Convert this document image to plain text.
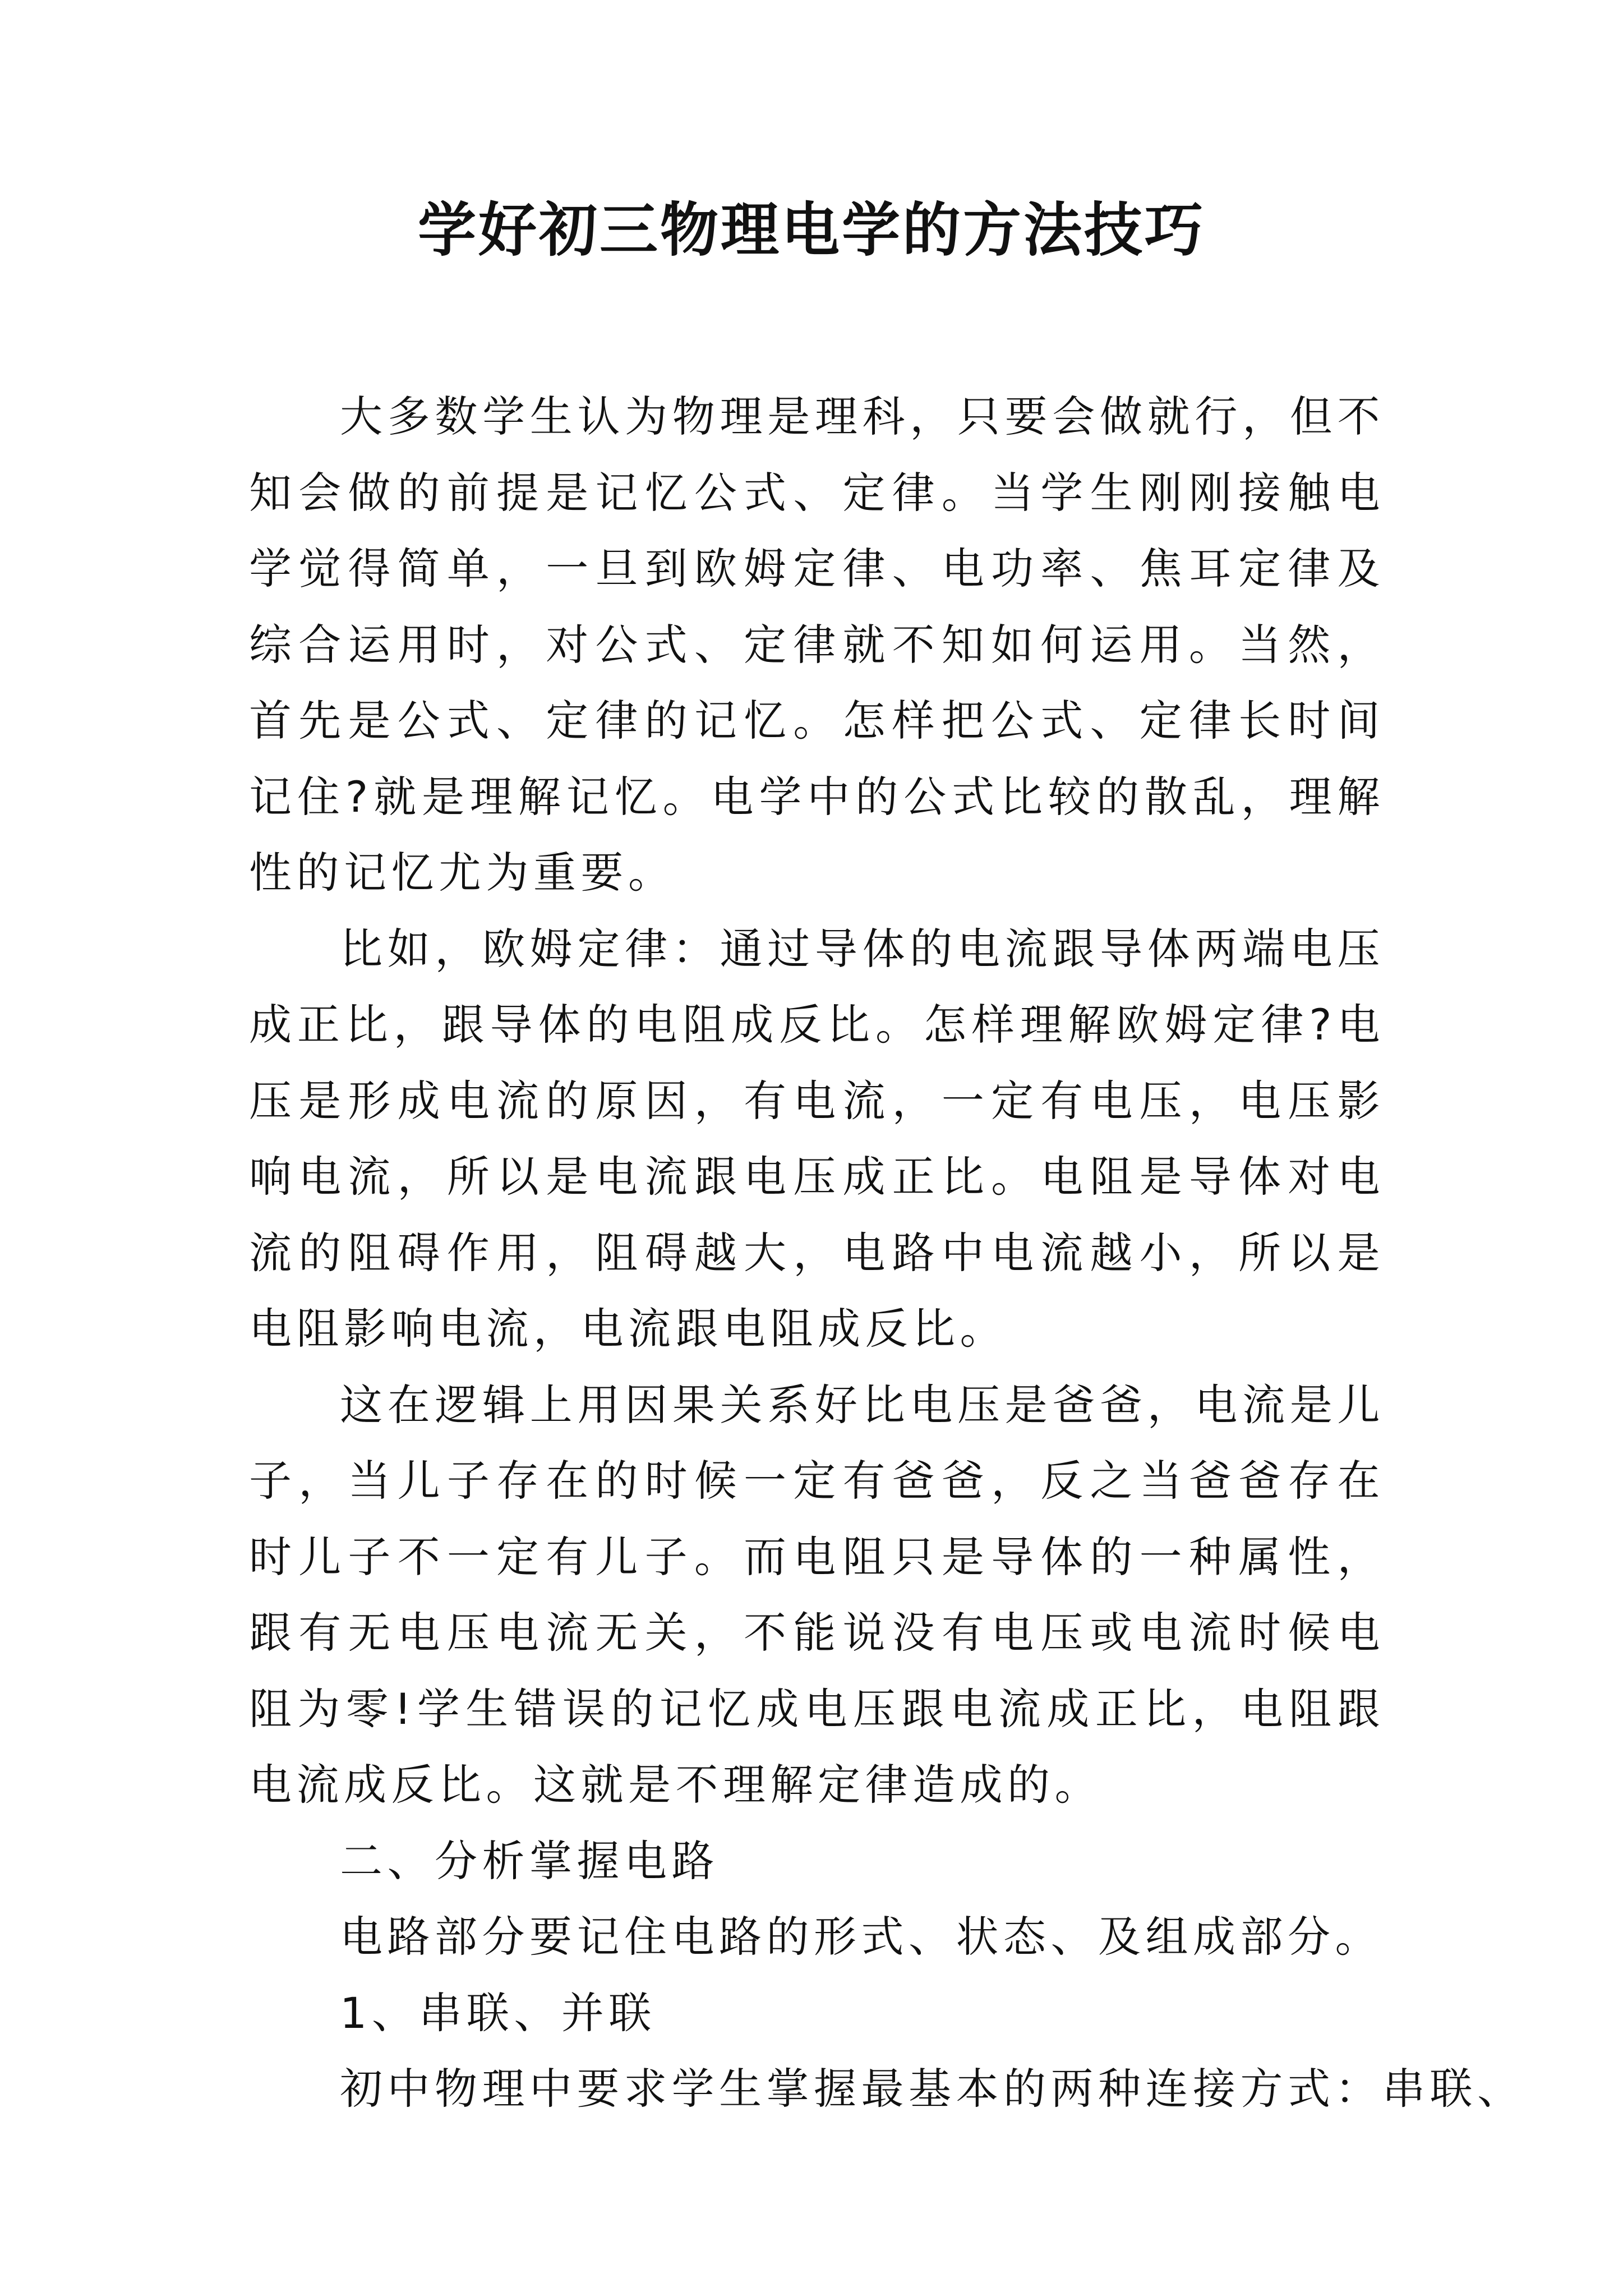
学好初三物理电学的方法技巧

大多数学生认为物理是理科，只要会做就行，但不知会做的前提是记忆公式、定律。当学生刚刚接触电学觉得简单，一旦到欧姆定律、电功率、焦耳定律及综合运用时，对公式、定律就不知如何运用。当然，首先是公式、定律的记忆。怎样把公式、定律长时间记住?就是理解记忆。电学中的公式比较的散乱，理解性的记忆尤为重要。

比如，欧姆定律：通过导体的电流跟导体两端电压成正比，跟导体的电阻成反比。怎样理解欧姆定律?电压是形成电流的原因，有电流，一定有电压，电压影响电流，所以是电流跟电压成正比。电阻是导体对电流的阻碍作用，阻碍越大，电路中电流越小，所以是电阻影响电流，电流跟电阻成反比。

这在逻辑上用因果关系好比电压是爸爸，电流是儿子，当儿子存在的时候一定有爸爸，反之当爸爸存在时儿子不一定有儿子。而电阻只是导体的一种属性，跟有无电压电流无关，不能说没有电压或电流时候电阻为零!学生错误的记忆成电压跟电流成正比，电阻跟电流成反比。这就是不理解定律造成的。

二、分析掌握电路

电路部分要记住电路的形式、状态、及组成部分。

1、串联、并联

初中物理中要求学生掌握最基本的两种连接方式：串联、
